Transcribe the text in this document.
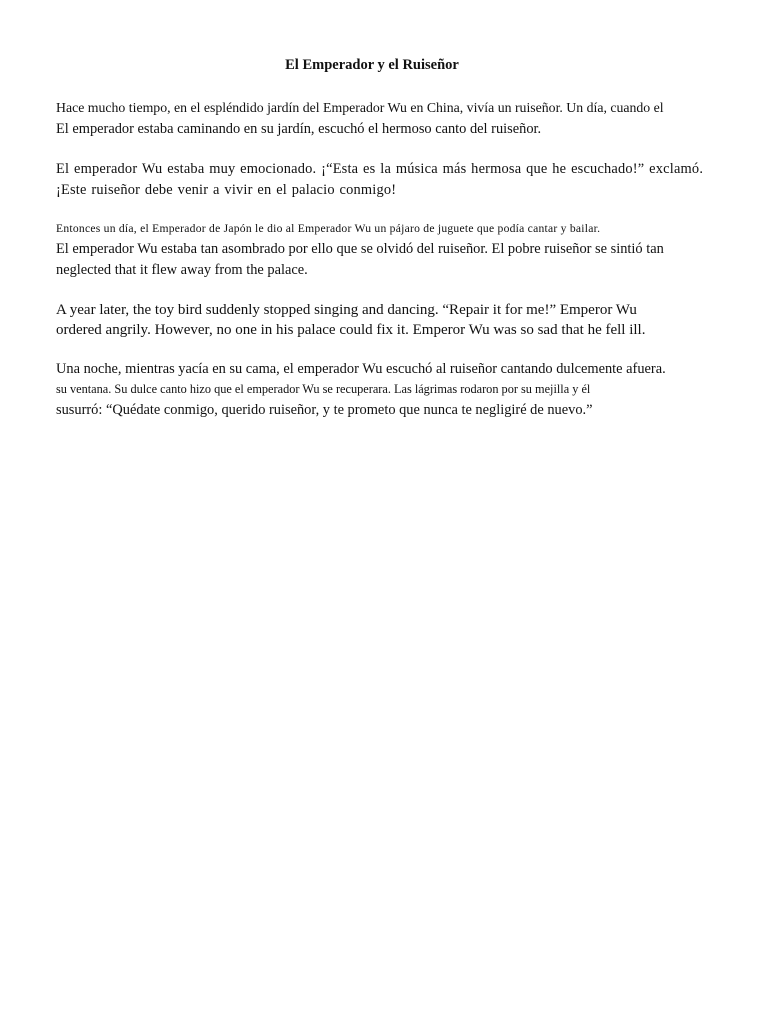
El Emperador y el Ruiseñor
Hace mucho tiempo, en el espléndido jardín del Emperador Wu en China, vivía un ruiseñor. Un día, cuando el
El emperador estaba caminando en su jardín, escuchó el hermoso canto del ruiseñor.
El emperador Wu estaba muy emocionado. ¡“Esta es la música más hermosa que he escuchado!” exclamó.
¡Este ruiseñor debe venir a vivir en el palacio conmigo!
Entonces un día, el Emperador de Japón le dio al Emperador Wu un pájaro de juguete que podía cantar y bailar.
El emperador Wu estaba tan asombrado por ello que se olvidó del ruiseñor. El pobre ruiseñor se sintió tan
neglected that it flew away from the palace.
A year later, the toy bird suddenly stopped singing and dancing. “Repair it for me!” Emperor Wu
ordered angrily. However, no one in his palace could fix it. Emperor Wu was so sad that he fell ill.
Una noche, mientras yacía en su cama, el emperador Wu escuchó al ruiseñor cantando dulcemente afuera.
su ventana. Su dulce canto hizo que el emperador Wu se recuperara. Las lágrimas rodaron por su mejilla y él
susurró: “Quédate conmigo, querido ruiseñor, y te prometo que nunca te negligiré de nuevo.”
